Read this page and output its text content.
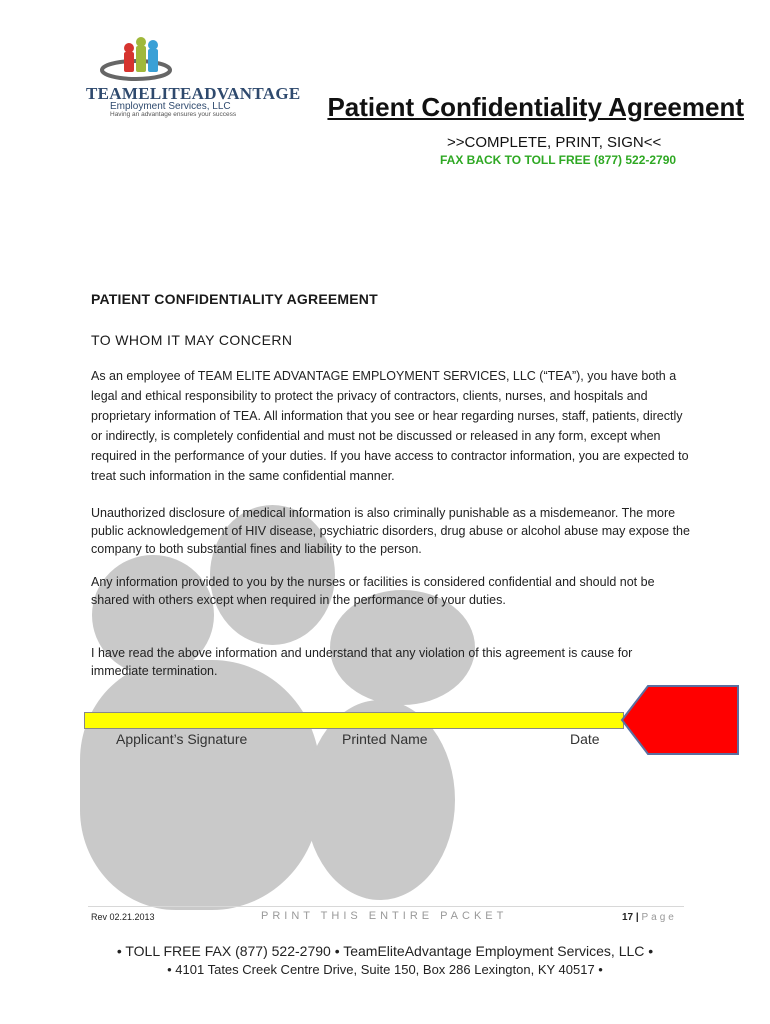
TEAMELITEADVANTAGE
Employment Services, LLC
Having an advantage ensures your success	Patient Confidentiality Agreement
>>COMPLETE, PRINT, SIGN<<
FAX BACK TO TOLL FREE (877) 522-2790
PATIENT CONFIDENTIALITY AGREEMENT
TO WHOM IT MAY CONCERN
As an employee of TEAM ELITE ADVANTAGE EMPLOYMENT SERVICES, LLC (“TEA”), you have both a legal and ethical responsibility to protect the privacy of contractors, clients, nurses, and hospitals and proprietary information of TEA. All information that you see or hear regarding nurses, staff, patients, directly or indirectly, is completely confidential and must not be discussed or released in any form, except when required in the performance of your duties. If you have access to contractor information, you are expected to treat such information in the same confidential manner.
Unauthorized disclosure of medical information is also criminally punishable as a misdemeanor. The more public acknowledgement of HIV disease, psychiatric disorders, drug abuse or alcohol abuse may expose the company to both substantial fines and liability to the person.
Any information provided to you by the nurses or facilities is considered confidential and should not be shared with others except when required in the performance of your duties.
I have read the above information and understand that any violation of this agreement is cause for immediate termination.
Applicant’s Signature	Printed Name	Date
Rev 02.21.2013	PRINT THIS ENTIRE PACKET	17 | Page
• TOLL FREE FAX (877) 522-2790 • TeamEliteAdvantage Employment Services, LLC •
• 4101 Tates Creek Centre Drive, Suite 150, Box 286 Lexington, KY 40517 •
